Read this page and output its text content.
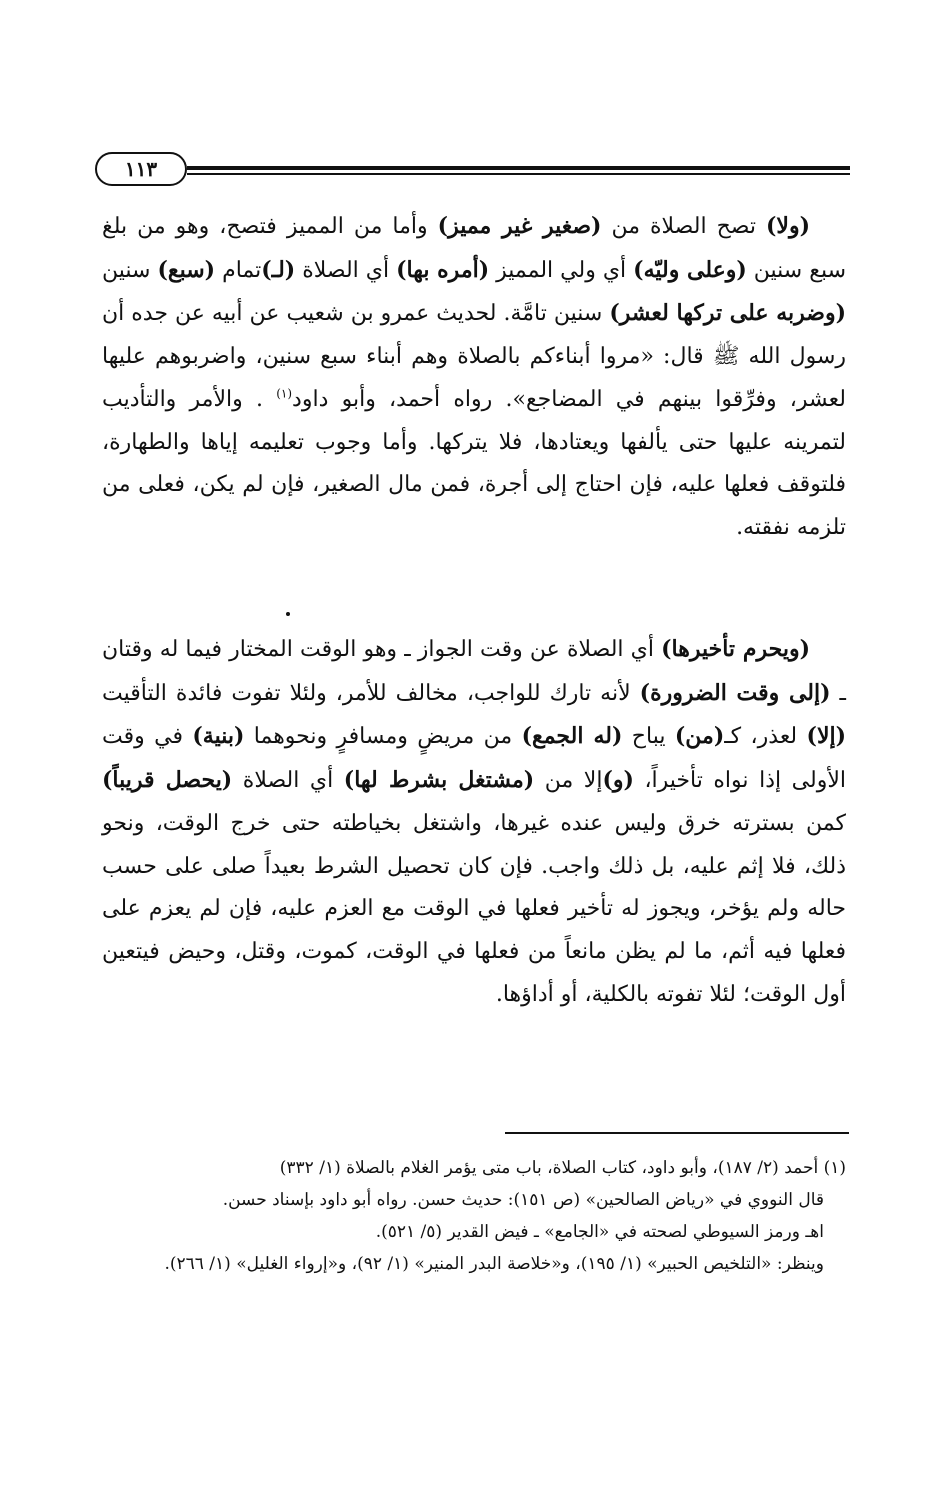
١١٣

(ولا) تصح الصلاة من (صغير غير مميز) وأما من المميز فتصح، وهو من بلغ سبع سنين (وعلى وليّه) أي ولي المميز (أمره بها) أي الصلاة (لـ)تمام (سبع) سنين (وضربه على تركها لعشر) سنين تامَّة. لحديث عمرو بن شعيب عن أبيه عن جده أن رسول الله ﷺ قال: «مروا أبناءكم بالصلاة وهم أبناء سبع سنين، واضربوهم عليها لعشر، وفرِّقوا بينهم في المضاجع». رواه أحمد، وأبو داود$^{(١)}$ . والأمر والتأديب لتمرينه عليها حتى يألفها ويعتادها، فلا يتركها. وأما وجوب تعليمه إياها والطهارة، فلتوقف فعلها عليه، فإن احتاج إلى أجرة، فمن مال الصغير، فإن لم يكن، فعلى من تلزمه نفقته.

(ويحرم تأخيرها) أي الصلاة عن وقت الجواز ـ وهو الوقت المختار فيما له وقتان ـ (إلى وقت الضرورة) لأنه تارك للواجب، مخالف للأمر، ولئلا تفوت فائدة التأقيت (إلا) لعذر، كـ(من) يباح (له الجمع) من مريضٍ ومسافرٍ ونحوهما (بنية) في وقت الأولى إذا نواه تأخيراً، (و)إلا من (مشتغل بشرط لها) أي الصلاة (يحصل قريباً) كمن بسترته خرق وليس عنده غيرها، واشتغل بخياطته حتى خرج الوقت، ونحو ذلك، فلا إثم عليه، بل ذلك واجب. فإن كان تحصيل الشرط بعيداً صلى على حسب حاله ولم يؤخر، ويجوز له تأخير فعلها في الوقت مع العزم عليه، فإن لم يعزم على فعلها فيه أثم، ما لم يظن مانعاً من فعلها في الوقت، كموت، وقتل، وحيض فيتعين أول الوقت؛ لئلا تفوته بالكلية، أو أداؤها.

(١) أحمد (٢/ ١٨٧)، وأبو داود، كتاب الصلاة، باب متى يؤمر الغلام بالصلاة (١/ ٣٣٢)

قال النووي في «رياض الصالحين» (ص ١٥١): حديث حسن. رواه أبو داود بإسناد حسن.

اهـ ورمز السيوطي لصحته في «الجامع» ـ فيض القدير (٥/ ٥٢١).

وينظر: «التلخيص الحبير» (١/ ١٩٥)، و«خلاصة البدر المنير» (١/ ٩٢)، و«إرواء الغليل» (١/ ٢٦٦).
